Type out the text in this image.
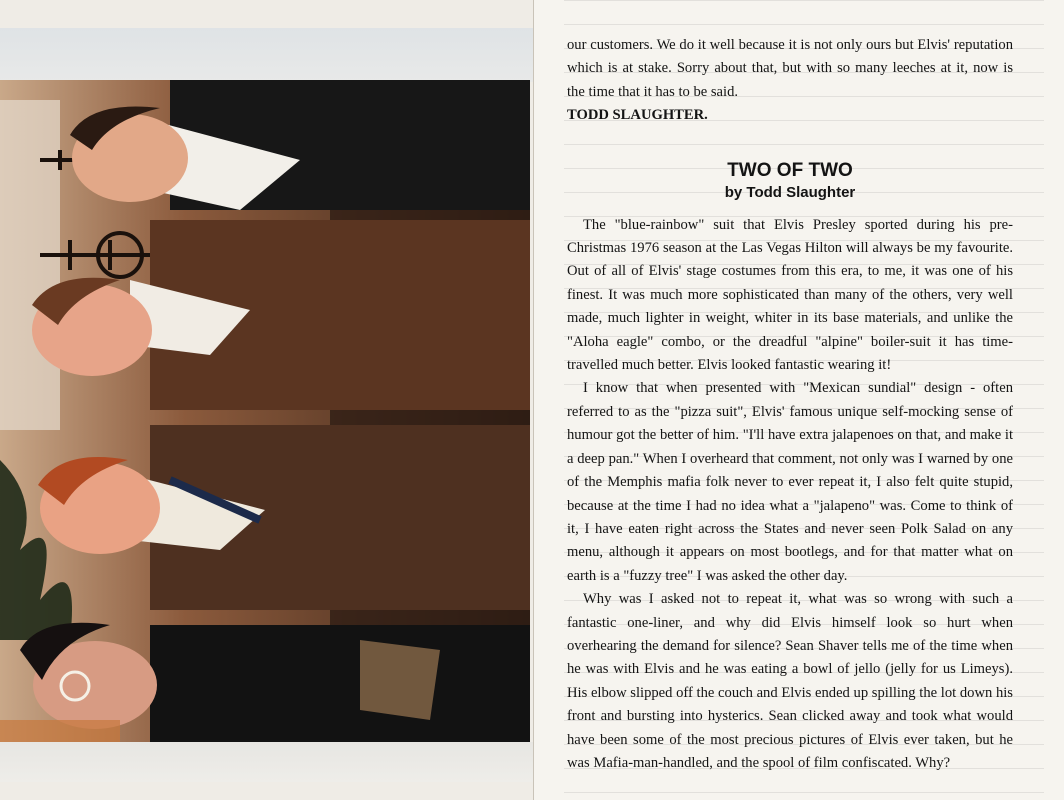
our customers. We do it well because it is not only ours but Elvis' reputation which is at stake. Sorry about that, but with so many leeches at it, now is the time that it has to be said.

TODD SLAUGHTER.

TWO OF TWO
by Todd Slaughter

The "blue-rainbow" suit that Elvis Presley sported during his pre-Christmas 1976 season at the Las Vegas Hilton will always be my favourite. Out of all of Elvis' stage costumes from this era, to me, it was one of his finest. It was much more sophisticated than many of the others, very well made, much lighter in weight, whiter in its base materials, and unlike the "Aloha eagle" combo, or the dreadful "alpine" boiler-suit it has time-travelled much better. Elvis looked fantastic wearing it!

I know that when presented with "Mexican sundial" design - often referred to as the "pizza suit", Elvis' famous unique self-mocking sense of humour got the better of him. "I'll have extra jalapenoes on that, and make it a deep pan." When I overheard that comment, not only was I warned by one of the Memphis mafia folk never to ever repeat it, I also felt quite stupid, because at the time I had no idea what a "jalapeno" was. Come to think of it, I have eaten right across the States and never seen Polk Salad on any menu, although it appears on most bootlegs, and for that matter what on earth is a "fuzzy tree" I was asked the other day.

Why was I asked not to repeat it, what was so wrong with such a fantastic one-liner, and why did Elvis himself look so hurt when overhearing the demand for silence? Sean Shaver tells me of the time when he was with Elvis and he was eating a bowl of jello (jelly for us Limeys). His elbow slipped off the couch and Elvis ended up spilling the lot down his front and bursting into hysterics. Sean clicked away and took what would have been some of the most precious pictures of Elvis ever taken, but he was Mafia-man-handled, and the spool of film confiscated. Why?
